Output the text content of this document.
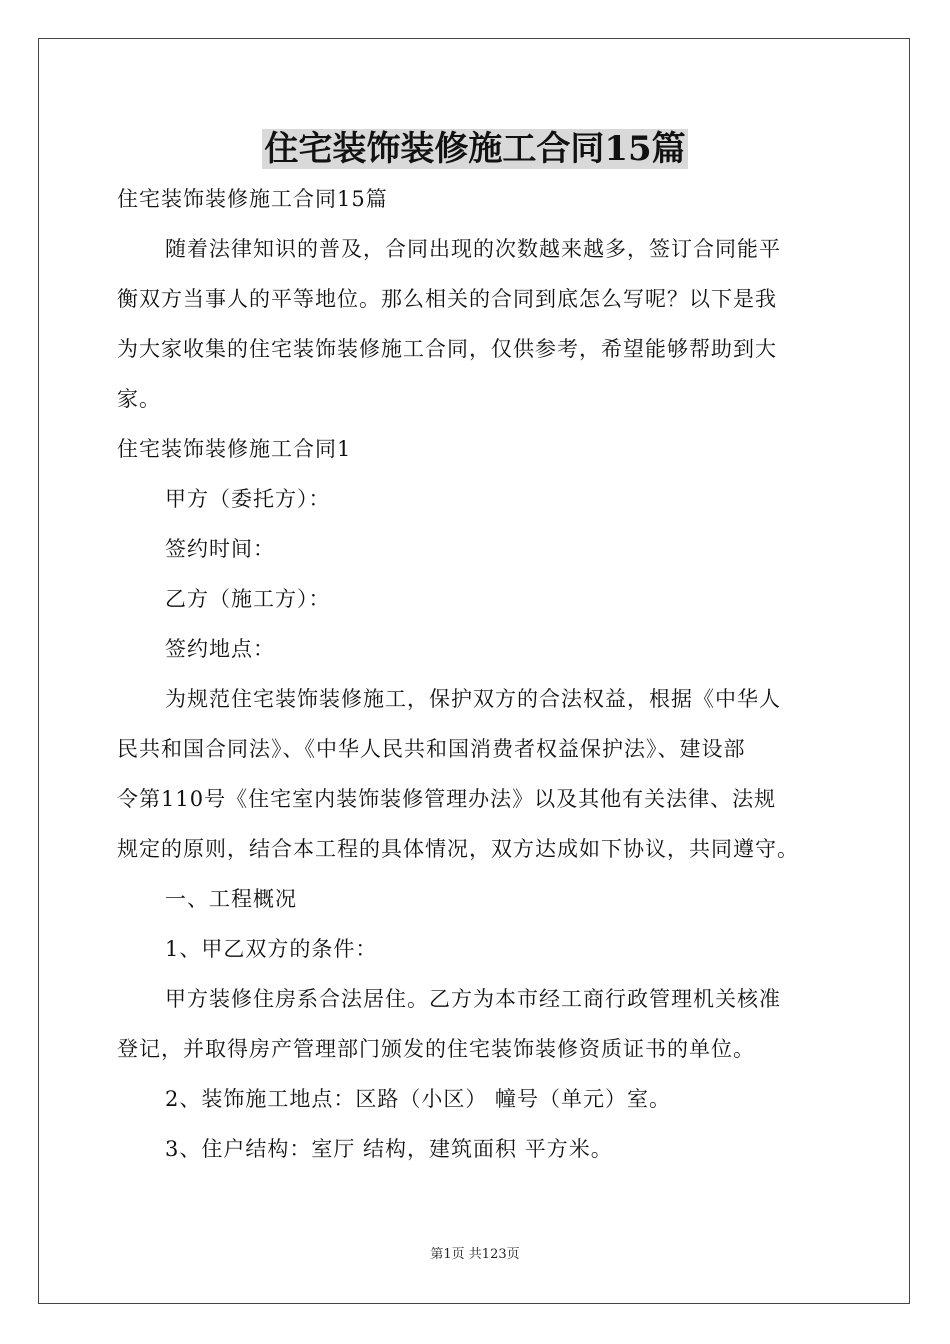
住宅装饰装修施工合同15篇
住宅装饰装修施工合同15篇
随着法律知识的普及，合同出现的次数越来越多，签订合同能平
衡双方当事人的平等地位。那么相关的合同到底怎么写呢？以下是我
为大家收集的住宅装饰装修施工合同，仅供参考，希望能够帮助到大
家。
住宅装饰装修施工合同1
甲方（委托方）：
签约时间：
乙方（施工方）：
签约地点：
为规范住宅装饰装修施工，保护双方的合法权益，根据《中华人
民共和国合同法》、《中华人民共和国消费者权益保护法》、建设部
令第110号《住宅室内装饰装修管理办法》以及其他有关法律、法规
规定的原则，结合本工程的具体情况，双方达成如下协议，共同遵守。
一、工程概况
1、甲乙双方的条件：
甲方装修住房系合法居住。乙方为本市经工商行政管理机关核准
登记，并取得房产管理部门颁发的住宅装饰装修资质证书的单位。
2、装饰施工地点：区路（小区） 幢号（单元）室。
3、住户结构：室厅 结构，建筑面积 平方米。
第1页 共123页
